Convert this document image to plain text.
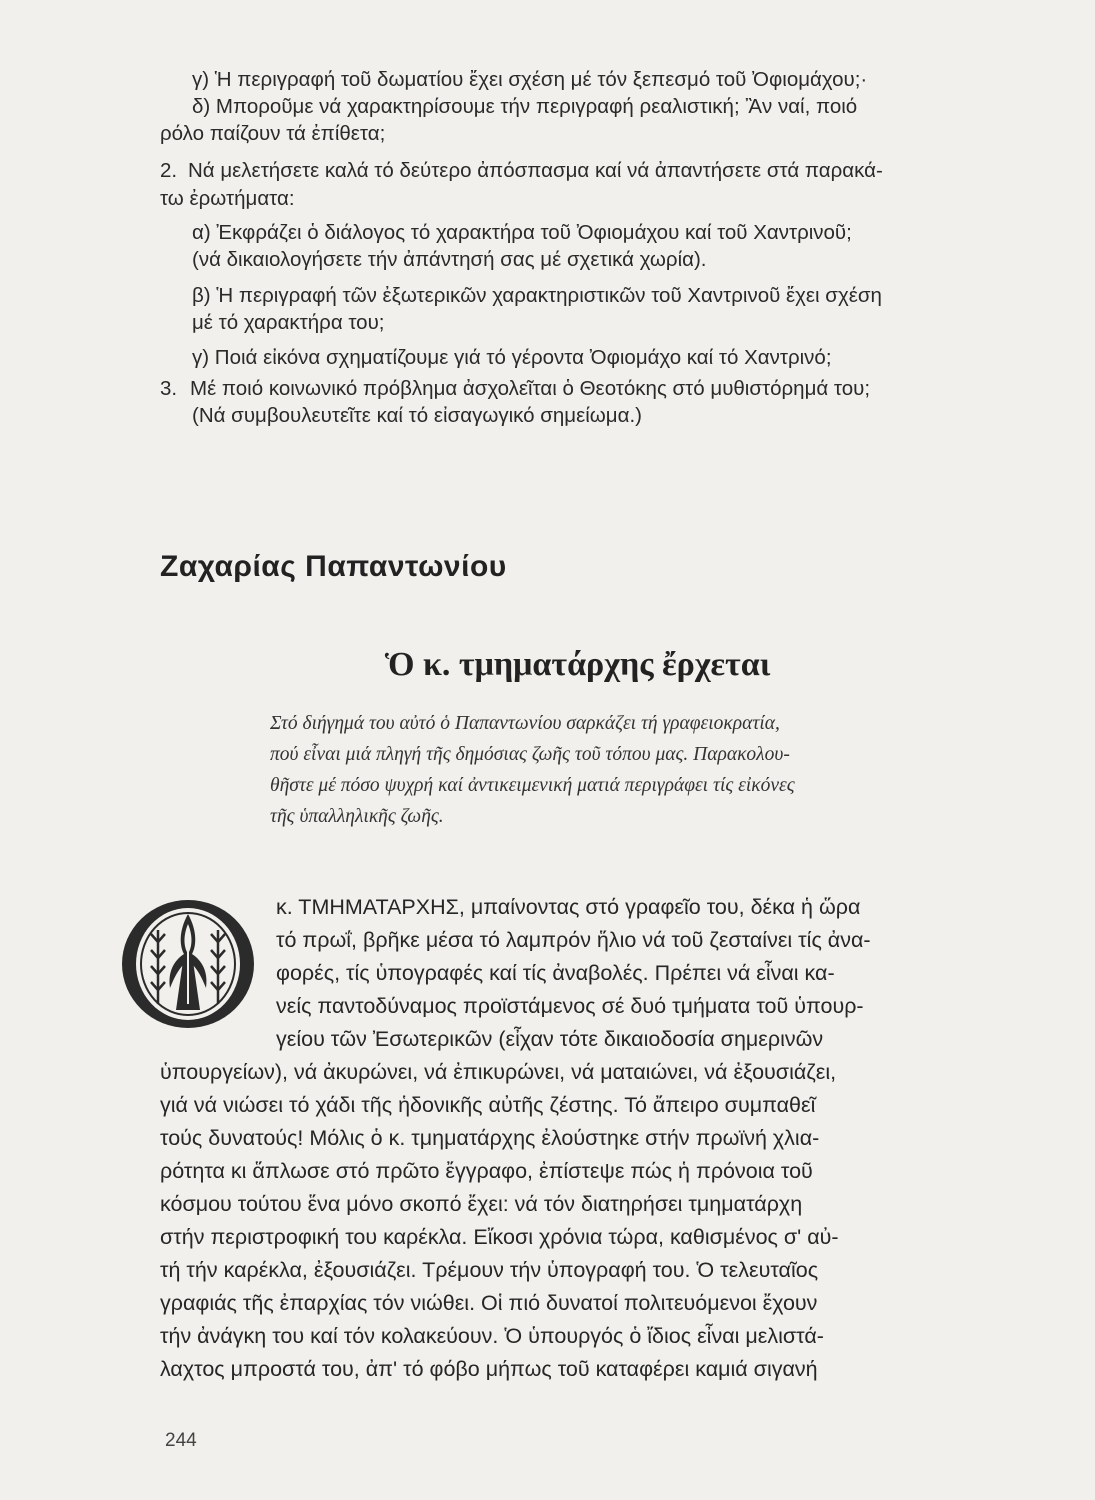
γ) Ἡ περιγραφή τοῦ δωματίου ἔχει σχέση μέ τόν ξεπεσμό τοῦ Ὀφιομάχου;·
δ) Μποροῦμε νά χαρακτηρίσουμε τήν περιγραφή ρεαλιστική; Ἂν ναί, ποιό
ρόλο παίζουν τά ἐπίθετα;
2. Νά μελετήσετε καλά τό δεύτερο ἀπόσπασμα καί νά ἀπαντήσετε στά παρακά-
τω ἐρωτήματα:
α) Ἐκφράζει ὁ διάλογος τό χαρακτήρα τοῦ Ὀφιομάχου καί τοῦ Χαντρινοῦ;
(νά δικαιολογήσετε τήν ἀπάντησή σας μέ σχετικά χωρία).
β) Ἡ περιγραφή τῶν ἐξωτερικῶν χαρακτηριστικῶν τοῦ Χαντρινοῦ ἔχει σχέση
μέ τό χαρακτήρα του;
γ) Ποιά εἰκόνα σχηματίζουμε γιά τό γέροντα Ὀφιομάχο καί τό Χαντρινό;
3. Μέ ποιό κοινωνικό πρόβλημα ἀσχολεῖται ὁ Θεοτόκης στό μυθιστόρημά του;
(Νά συμβουλευτεῖτε καί τό εἰσαγωγικό σημείωμα.)
Ζαχαρίας Παπαντωνίου
Ὁ κ. τμηματάρχης ἔρχεται
Στό διήγημά του αὐτό ὁ Παπαντωνίου σαρκάζει τή γραφειοκρατία,
πού εἶναι μιά πληγή τῆς δημόσιας ζωῆς τοῦ τόπου μας. Παρακολου-
θῆστε μέ πόσο ψυχρή καί ἀντικειμενική ματιά περιγράφει τίς εἰκόνες
τῆς ὑπαλληλικῆς ζωῆς.
κ. ΤΜΗΜΑΤΑΡΧΗΣ, μπαίνοντας στό γραφεῖο του, δέκα ἡ ὥρα
τό πρωΐ, βρῆκε μέσα τό λαμπρόν ἥλιο νά τοῦ ζεσταίνει τίς ἀνα-
φορές, τίς ὑπογραφές καί τίς ἀναβολές. Πρέπει νά εἶναι κα-
νείς παντοδύναμος προϊστάμενος σέ δυό τμήματα τοῦ ὑπουρ-
γείου τῶν Ἐσωτερικῶν (εἶχαν τότε δικαιοδοσία σημερινῶν
ὑπουργείων), νά ἀκυρώνει, νά ἐπικυρώνει, νά ματαιώνει, νά ἐξουσιάζει,
γιά νά νιώσει τό χάδι τῆς ἡδονικῆς αὐτῆς ζέστης. Τό ἄπειρο συμπαθεῖ
τούς δυνατούς! Μόλις ὁ κ. τμηματάρχης ἐλούστηκε στήν πρωϊνή χλια-
ρότητα κι ἅπλωσε στό πρῶτο ἔγγραφο, ἐπίστεψε πώς ἡ πρόνοια τοῦ
κόσμου τούτου ἕνα μόνο σκοπό ἔχει: νά τόν διατηρήσει τμηματάρχη
στήν περιστροφική του καρέκλα. Εἴκοσι χρόνια τώρα, καθισμένος σ' αὐ-
τή τήν καρέκλα, ἐξουσιάζει. Τρέμουν τήν ὑπογραφή του. Ὁ τελευταῖος
γραφιάς τῆς ἐπαρχίας τόν νιώθει. Οἱ πιό δυνατοί πολιτευόμενοι ἔχουν
τήν ἀνάγκη του καί τόν κολακεύουν. Ὁ ὑπουργός ὁ ἴδιος εἶναι μελιστά-
λαχτος μπροστά του, ἀπ' τό φόβο μήπως τοῦ καταφέρει καμιά σιγανή
244
